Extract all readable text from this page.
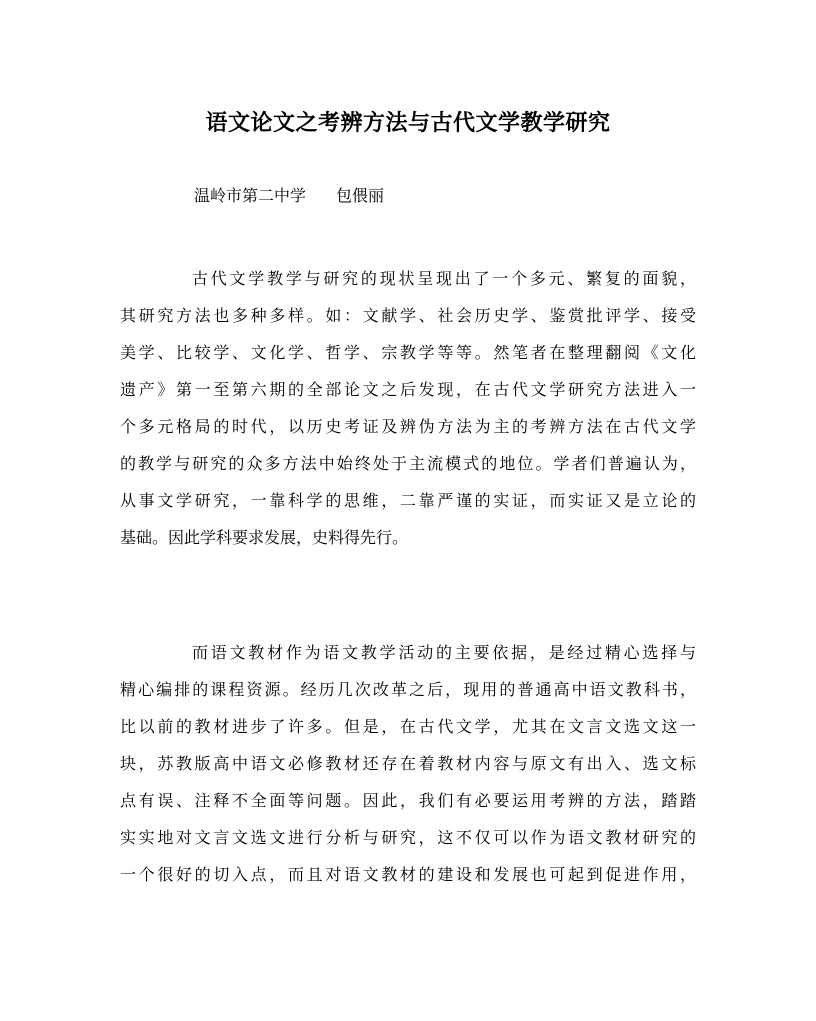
语文论文之考辨方法与古代文学教学研究
温岭市第二中学 包偎丽
古代文学教学与研究的现状呈现出了一个多元、繁复的面貌，
其研究方法也多种多样。如：文献学、社会历史学、鉴赏批评学、接受
美学、比较学、文化学、哲学、宗教学等等。然笔者在整理翻阅《文化
遗产》第一至第六期的全部论文之后发现，在古代文学研究方法进入一
个多元格局的时代，以历史考证及辨伪方法为主的考辨方法在古代文学
的教学与研究的众多方法中始终处于主流模式的地位。学者们普遍认为，
从事文学研究，一靠科学的思维，二靠严谨的实证，而实证又是立论的
基础。因此学科要求发展，史料得先行。
而语文教材作为语文教学活动的主要依据，是经过精心选择与
精心编排的课程资源。经历几次改革之后，现用的普通高中语文教科书，
比以前的教材进步了许多。但是，在古代文学，尤其在文言文选文这一
块，苏教版高中语文必修教材还存在着教材内容与原文有出入、选文标
点有误、注释不全面等问题。因此，我们有必要运用考辨的方法，踏踏
实实地对文言文选文进行分析与研究，这不仅可以作为语文教材研究的
一个很好的切入点，而且对语文教材的建设和发展也可起到促进作用，
